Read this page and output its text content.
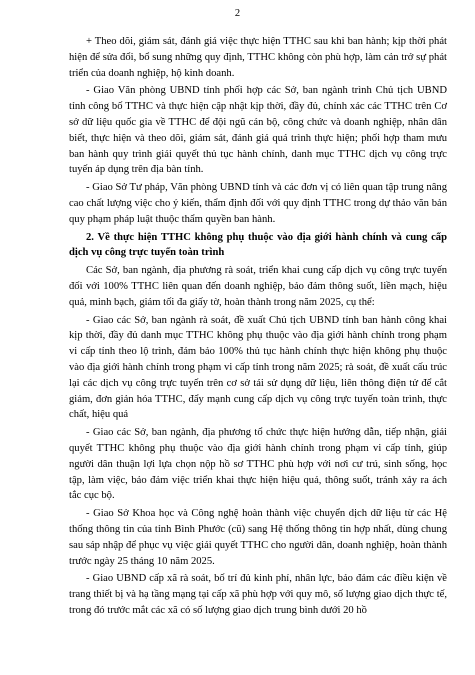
2

+ Theo dõi, giám sát, đánh giá việc thực hiện TTHC sau khi ban hành; kịp thời phát hiện để sửa đổi, bổ sung những quy định, TTHC không còn phù hợp, làm cản trở sự phát triển của doanh nghiệp, hộ kinh doanh.

- Giao Văn phòng UBND tỉnh phối hợp các Sở, ban ngành trình Chủ tịch UBND tỉnh công bố TTHC và thực hiện cập nhật kịp thời, đầy đủ, chính xác các TTHC trên Cơ sở dữ liệu quốc gia về TTHC để đội ngũ cán bộ, công chức và doanh nghiệp, nhân dân biết, thực hiện và theo dõi, giám sát, đánh giá quá trình thực hiện; phối hợp tham mưu ban hành quy trình giải quyết thủ tục hành chính, danh mục TTHC dịch vụ công trực tuyến áp dụng trên địa bàn tỉnh.

- Giao Sở Tư pháp, Văn phòng UBND tỉnh và các đơn vị có liên quan tập trung nâng cao chất lượng việc cho ý kiến, thẩm định đối với quy định TTHC trong dự thảo văn bản quy phạm pháp luật thuộc thẩm quyền ban hành.

2. Về thực hiện TTHC không phụ thuộc vào địa giới hành chính và cung cấp dịch vụ công trực tuyến toàn trình

Các Sở, ban ngành, địa phương rà soát, triển khai cung cấp dịch vụ công trực tuyến đối với 100% TTHC liên quan đến doanh nghiệp, bảo đảm thông suốt, liền mạch, hiệu quả, minh bạch, giảm tối đa giấy tờ, hoàn thành trong năm 2025, cụ thể:

- Giao các Sở, ban ngành rà soát, đề xuất Chủ tịch UBND tỉnh ban hành công khai kịp thời, đầy đủ danh mục TTHC không phụ thuộc vào địa giới hành chính trong phạm vi cấp tỉnh theo lộ trình, đảm bảo 100% thủ tục hành chính thực hiện không phụ thuộc vào địa giới hành chính trong phạm vi cấp tỉnh trong năm 2025; rà soát, đề xuất cấu trúc lại các dịch vụ công trực tuyến trên cơ sở tái sử dụng dữ liệu, liên thông điện tử để cắt giảm, đơn giản hóa TTHC, đẩy mạnh cung cấp dịch vụ công trực tuyến toàn trình, thực chất, hiệu quả

- Giao các Sở, ban ngành, địa phương tổ chức thực hiện hướng dẫn, tiếp nhận, giải quyết TTHC không phụ thuộc vào địa giới hành chính trong phạm vi cấp tỉnh, giúp người dân thuận lợi lựa chọn nộp hồ sơ TTHC phù hợp với nơi cư trú, sinh sống, học tập, làm việc, bảo đảm việc triển khai thực hiện hiệu quả, thông suốt, tránh xảy ra ách tắc cục bộ.

- Giao Sở Khoa học và Công nghệ hoàn thành việc chuyển dịch dữ liệu từ các Hệ thống thông tin của tỉnh Bình Phước (cũ) sang Hệ thống thông tin hợp nhất, dùng chung sau sáp nhập để phục vụ việc giải quyết TTHC cho người dân, doanh nghiệp, hoàn thành trước ngày 25 tháng 10 năm 2025.

- Giao UBND cấp xã rà soát, bố trí đủ kinh phí, nhân lực, bảo đảm các điều kiện về trang thiết bị và hạ tầng mạng tại cấp xã phù hợp với quy mô, số lượng giao dịch thực tế, trong đó trước mắt các xã có số lượng giao dịch trung bình dưới 20 hồ
